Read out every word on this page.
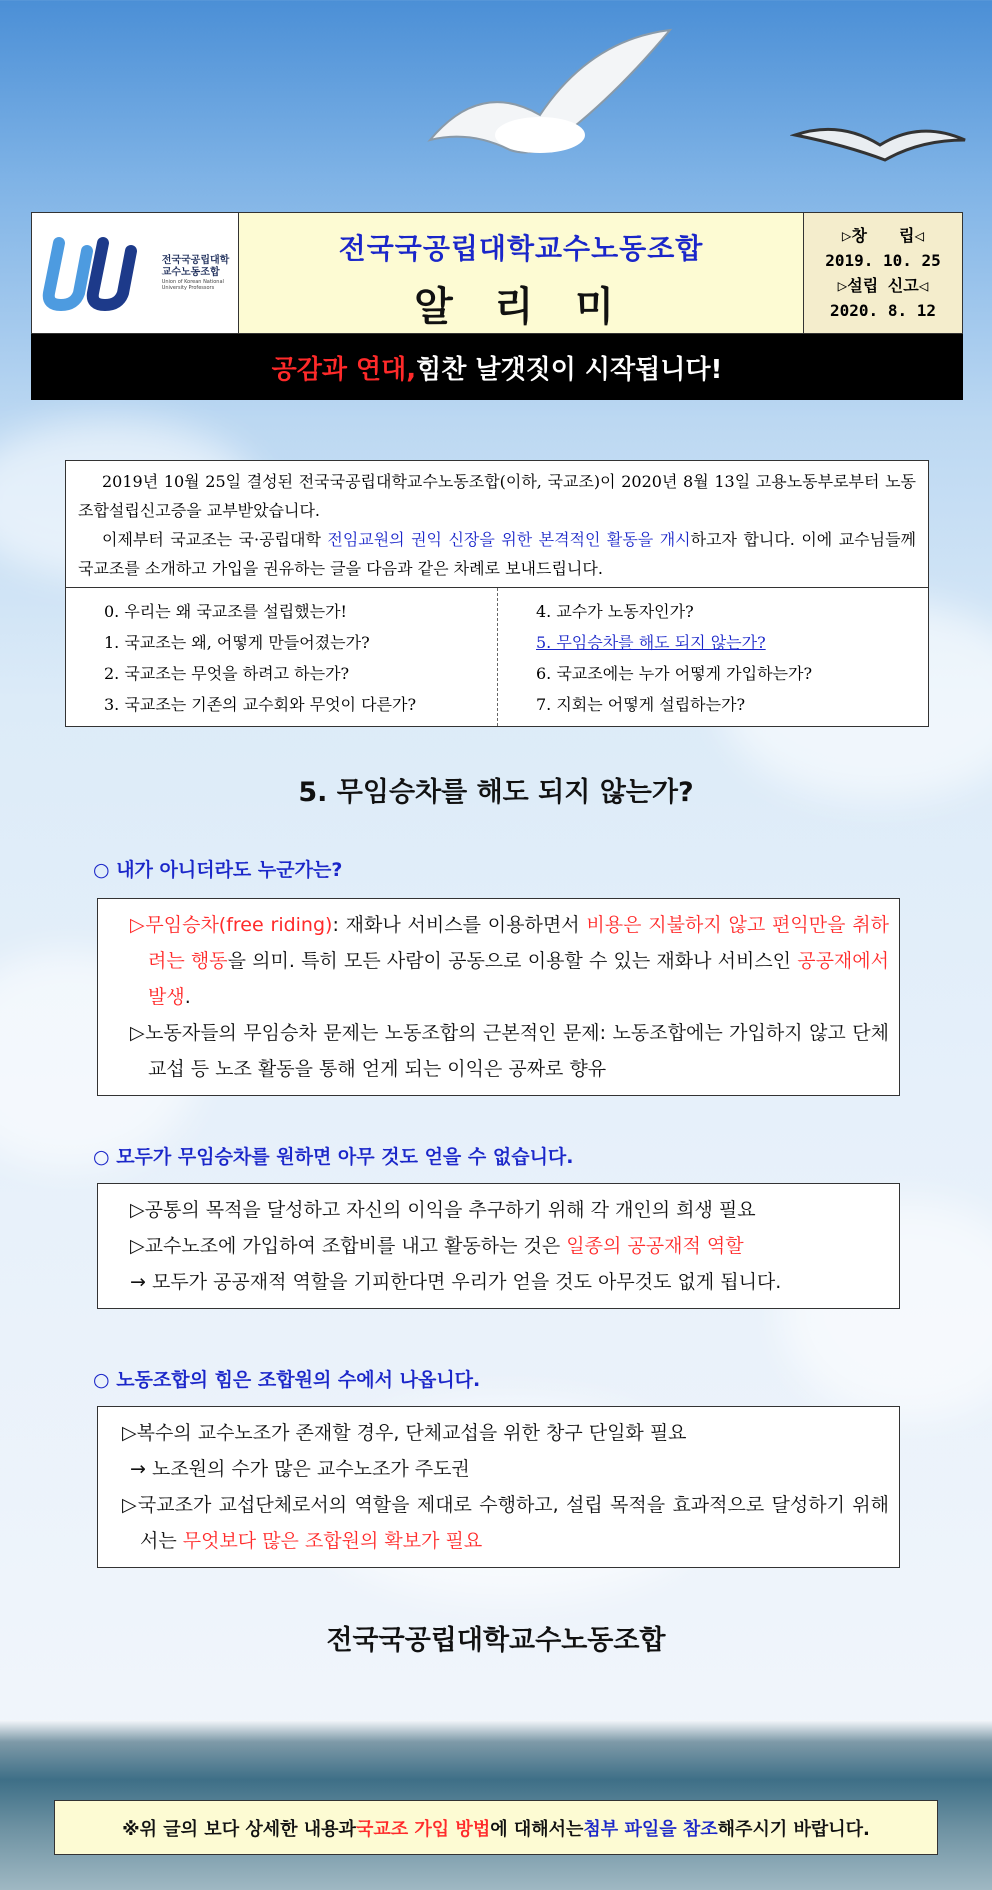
전국국공립대학
교수노동조합
Union of Korean National
University Professors
전국국공립대학교수노동조합
알 리 미
▷창　　립◁
2019. 10. 25
▷설립 신고◁
2020. 8. 12
공감과 연대, 힘찬 날갯짓이 시작됩니다!

2019년 10월 25일 결성된 전국국공립대학교수노동조합(이하, 국교조)이 2020년 8월 13일 고용노동부로부터 노동조합설립신고증을 교부받았습니다.

이제부터 국교조는 국·공립대학 전임교원의 권익 신장을 위한 본격적인 활동을 개시하고자 합니다. 이에 교수님들께 국교조를 소개하고 가입을 권유하는 글을 다음과 같은 차례로 보내드립니다.

0. 우리는 왜 국교조를 설립했는가!
1. 국교조는 왜, 어떻게 만들어졌는가?
2. 국교조는 무엇을 하려고 하는가?
3. 국교조는 기존의 교수회와 무엇이 다른가?
4. 교수가 노동자인가?
5. 무임승차를 해도 되지 않는가?
6. 국교조에는 누가 어떻게 가입하는가?
7. 지회는 어떻게 설립하는가?
5. 무임승차를 해도 되지 않는가?
○ 내가 아니더라도 누군가는?
▷무임승차(free riding): 재화나 서비스를 이용하면서 비용은 지불하지 않고 편익만을 취하려는 행동을 의미. 특히 모든 사람이 공동으로 이용할 수 있는 재화나 서비스인 공공재에서 발생.
▷노동자들의 무임승차 문제는 노동조합의 근본적인 문제: 노동조합에는 가입하지 않고 단체교섭 등 노조 활동을 통해 얻게 되는 이익은 공짜로 향유
○ 모두가 무임승차를 원하면 아무 것도 얻을 수 없습니다.
▷공통의 목적을 달성하고 자신의 이익을 추구하기 위해 각 개인의 희생 필요
▷교수노조에 가입하여 조합비를 내고 활동하는 것은 일종의 공공재적 역할
→ 모두가 공공재적 역할을 기피한다면 우리가 얻을 것도 아무것도 없게 됩니다.
○ 노동조합의 힘은 조합원의 수에서 나옵니다.
▷복수의 교수노조가 존재할 경우, 단체교섭을 위한 창구 단일화 필요
→ 노조원의 수가 많은 교수노조가 주도권
▷국교조가 교섭단체로서의 역할을 제대로 수행하고, 설립 목적을 효과적으로 달성하기 위해서는 무엇보다 많은 조합원의 확보가 필요
전국국공립대학교수노동조합
※위 글의 보다 상세한 내용과 국교조 가입 방법 에 대해서는 첨부 파일을 참조 해주시기 바랍니다.
